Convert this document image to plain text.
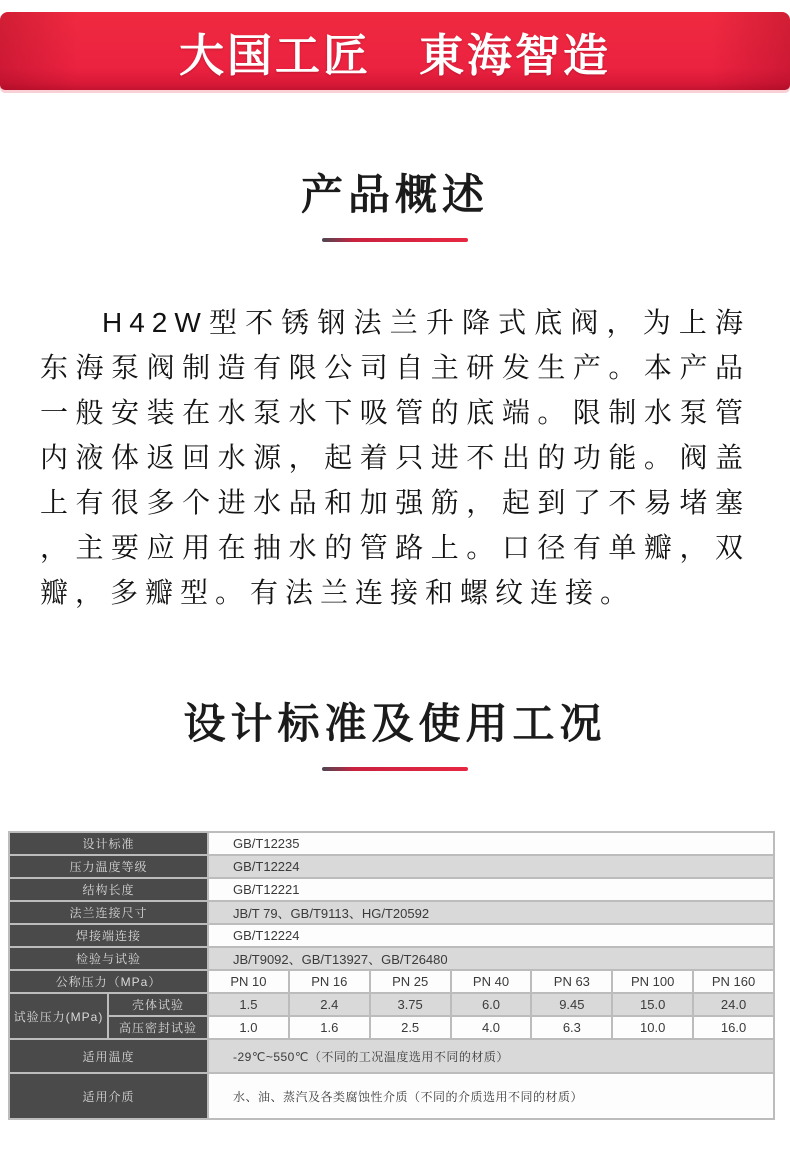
大国工匠　東海智造
产品概述

H42W型不锈钢法兰升降式底阀，为上海东海泵阀制造有限公司自主研发生产。本产品一般安装在水泵水下吸管的底端。限制水泵管内液体返回水源，起着只进不出的功能。阀盖上有很多个进水品和加强筋，起到了不易堵塞，主要应用在抽水的管路上。口径有单瓣，双瓣，多瓣型。有法兰连接和螺纹连接。

设计标准及使用工况
设计标准	GB/T12235
压力温度等级	GB/T12224
结构长度	GB/T12221
法兰连接尺寸	JB/T 79、GB/T9113、HG/T20592
焊接端连接	GB/T12224
检验与试验	JB/T9092、GB/T13927、GB/T26480
公称压力（MPa）	PN 10	PN 16	PN 25	PN 40	PN 63	PN 100	PN 160
试验压力(MPa)
壳体试验	1.5	2.4	3.75	6.0	9.45	15.0	24.0
高压密封试验	1.0	1.6	2.5	4.0	6.3	10.0	16.0
适用温度	-29℃~550℃（不同的工况温度选用不同的材质）
适用介质	水、油、蒸汽及各类腐蚀性介质（不同的介质选用不同的材质）
